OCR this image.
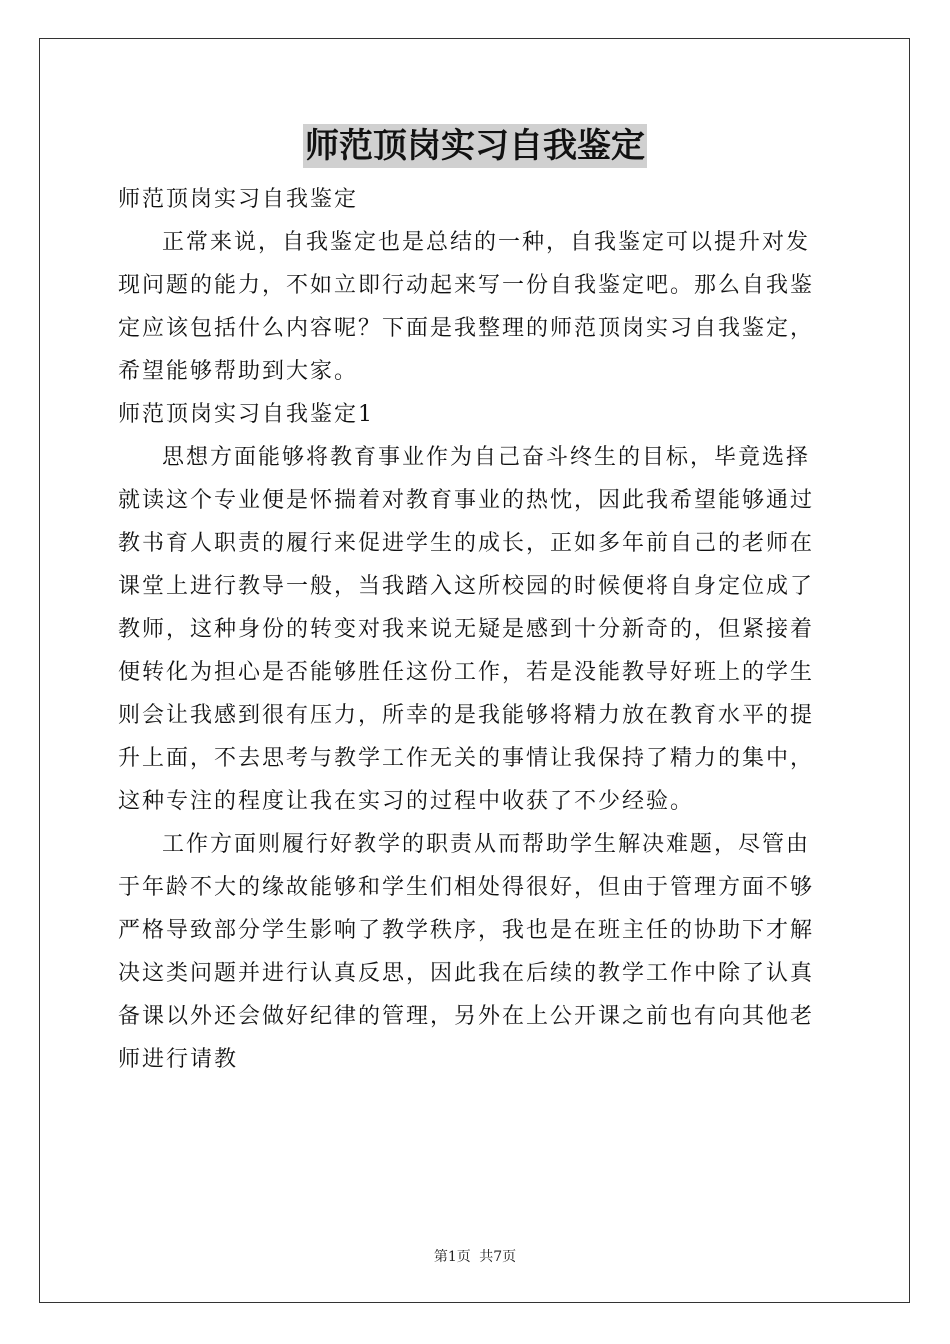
师范顶岗实习自我鉴定

师范顶岗实习自我鉴定

正常来说，自我鉴定也是总结的一种，自我鉴定可以提升对发现问题的能力，不如立即行动起来写一份自我鉴定吧。那么自我鉴定应该包括什么内容呢？下面是我整理的师范顶岗实习自我鉴定，希望能够帮助到大家。

师范顶岗实习自我鉴定1

思想方面能够将教育事业作为自己奋斗终生的目标，毕竟选择就读这个专业便是怀揣着对教育事业的热忱，因此我希望能够通过教书育人职责的履行来促进学生的成长，正如多年前自己的老师在课堂上进行教导一般，当我踏入这所校园的时候便将自身定位成了教师，这种身份的转变对我来说无疑是感到十分新奇的，但紧接着便转化为担心是否能够胜任这份工作，若是没能教导好班上的学生则会让我感到很有压力，所幸的是我能够将精力放在教育水平的提升上面，不去思考与教学工作无关的事情让我保持了精力的集中，这种专注的程度让我在实习的过程中收获了不少经验。

工作方面则履行好教学的职责从而帮助学生解决难题，尽管由于年龄不大的缘故能够和学生们相处得很好，但由于管理方面不够严格导致部分学生影响了教学秩序，我也是在班主任的协助下才解决这类问题并进行认真反思，因此我在后续的教学工作中除了认真备课以外还会做好纪律的管理，另外在上公开课之前也有向其他老师进行请教

第1页 共7页
